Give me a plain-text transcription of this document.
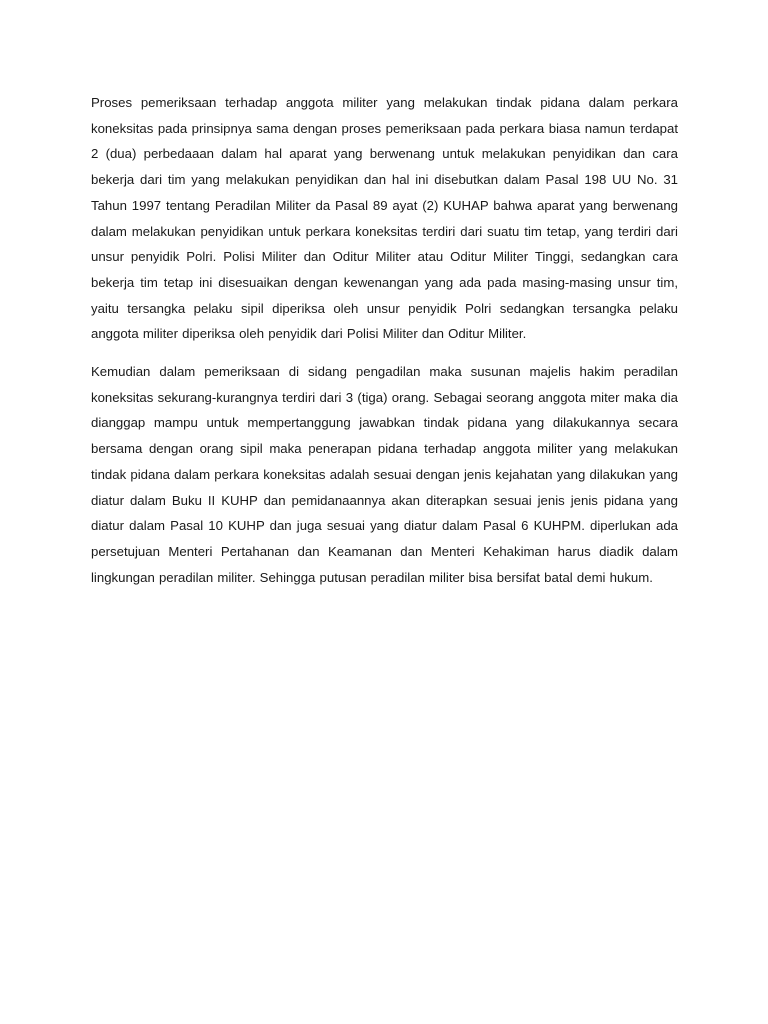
Proses pemeriksaan terhadap anggota militer yang melakukan tindak pidana dalam perkara koneksitas pada prinsipnya sama dengan proses pemeriksaan pada perkara biasa namun terdapat 2 (dua) perbedaaan dalam hal aparat yang berwenang untuk melakukan penyidikan dan cara bekerja dari tim yang melakukan penyidikan dan hal ini disebutkan dalam Pasal 198 UU No. 31 Tahun 1997 tentang Peradilan Militer da Pasal 89 ayat (2) KUHAP bahwa aparat yang berwenang dalam melakukan penyidikan untuk perkara koneksitas terdiri dari suatu tim tetap, yang terdiri dari unsur penyidik Polri. Polisi Militer dan Oditur Militer atau Oditur Militer Tinggi, sedangkan cara bekerja tim tetap ini disesuaikan dengan kewenangan yang ada pada masing-masing unsur tim, yaitu tersangka pelaku sipil diperiksa oleh unsur penyidik Polri sedangkan tersangka pelaku anggota militer diperiksa oleh penyidik dari Polisi Militer dan Oditur Militer.

Kemudian dalam pemeriksaan di sidang pengadilan maka susunan majelis hakim peradilan koneksitas sekurang-kurangnya terdiri dari 3 (tiga) orang. Sebagai seorang anggota miter maka dia dianggap mampu untuk mempertanggung jawabkan tindak pidana yang dilakukannya secara bersama dengan orang sipil maka penerapan pidana terhadap anggota militer yang melakukan tindak pidana dalam perkara koneksitas adalah sesuai dengan jenis kejahatan yang dilakukan yang diatur dalam Buku II KUHP dan pemidanaannya akan diterapkan sesuai jenis jenis pidana yang diatur dalam Pasal 10 KUHP dan juga sesuai yang diatur dalam Pasal 6 KUHPM. diperlukan ada persetujuan Menteri Pertahanan dan Keamanan dan Menteri Kehakiman harus diadik dalam lingkungan peradilan militer. Sehingga putusan peradilan militer bisa bersifat batal demi hukum.
